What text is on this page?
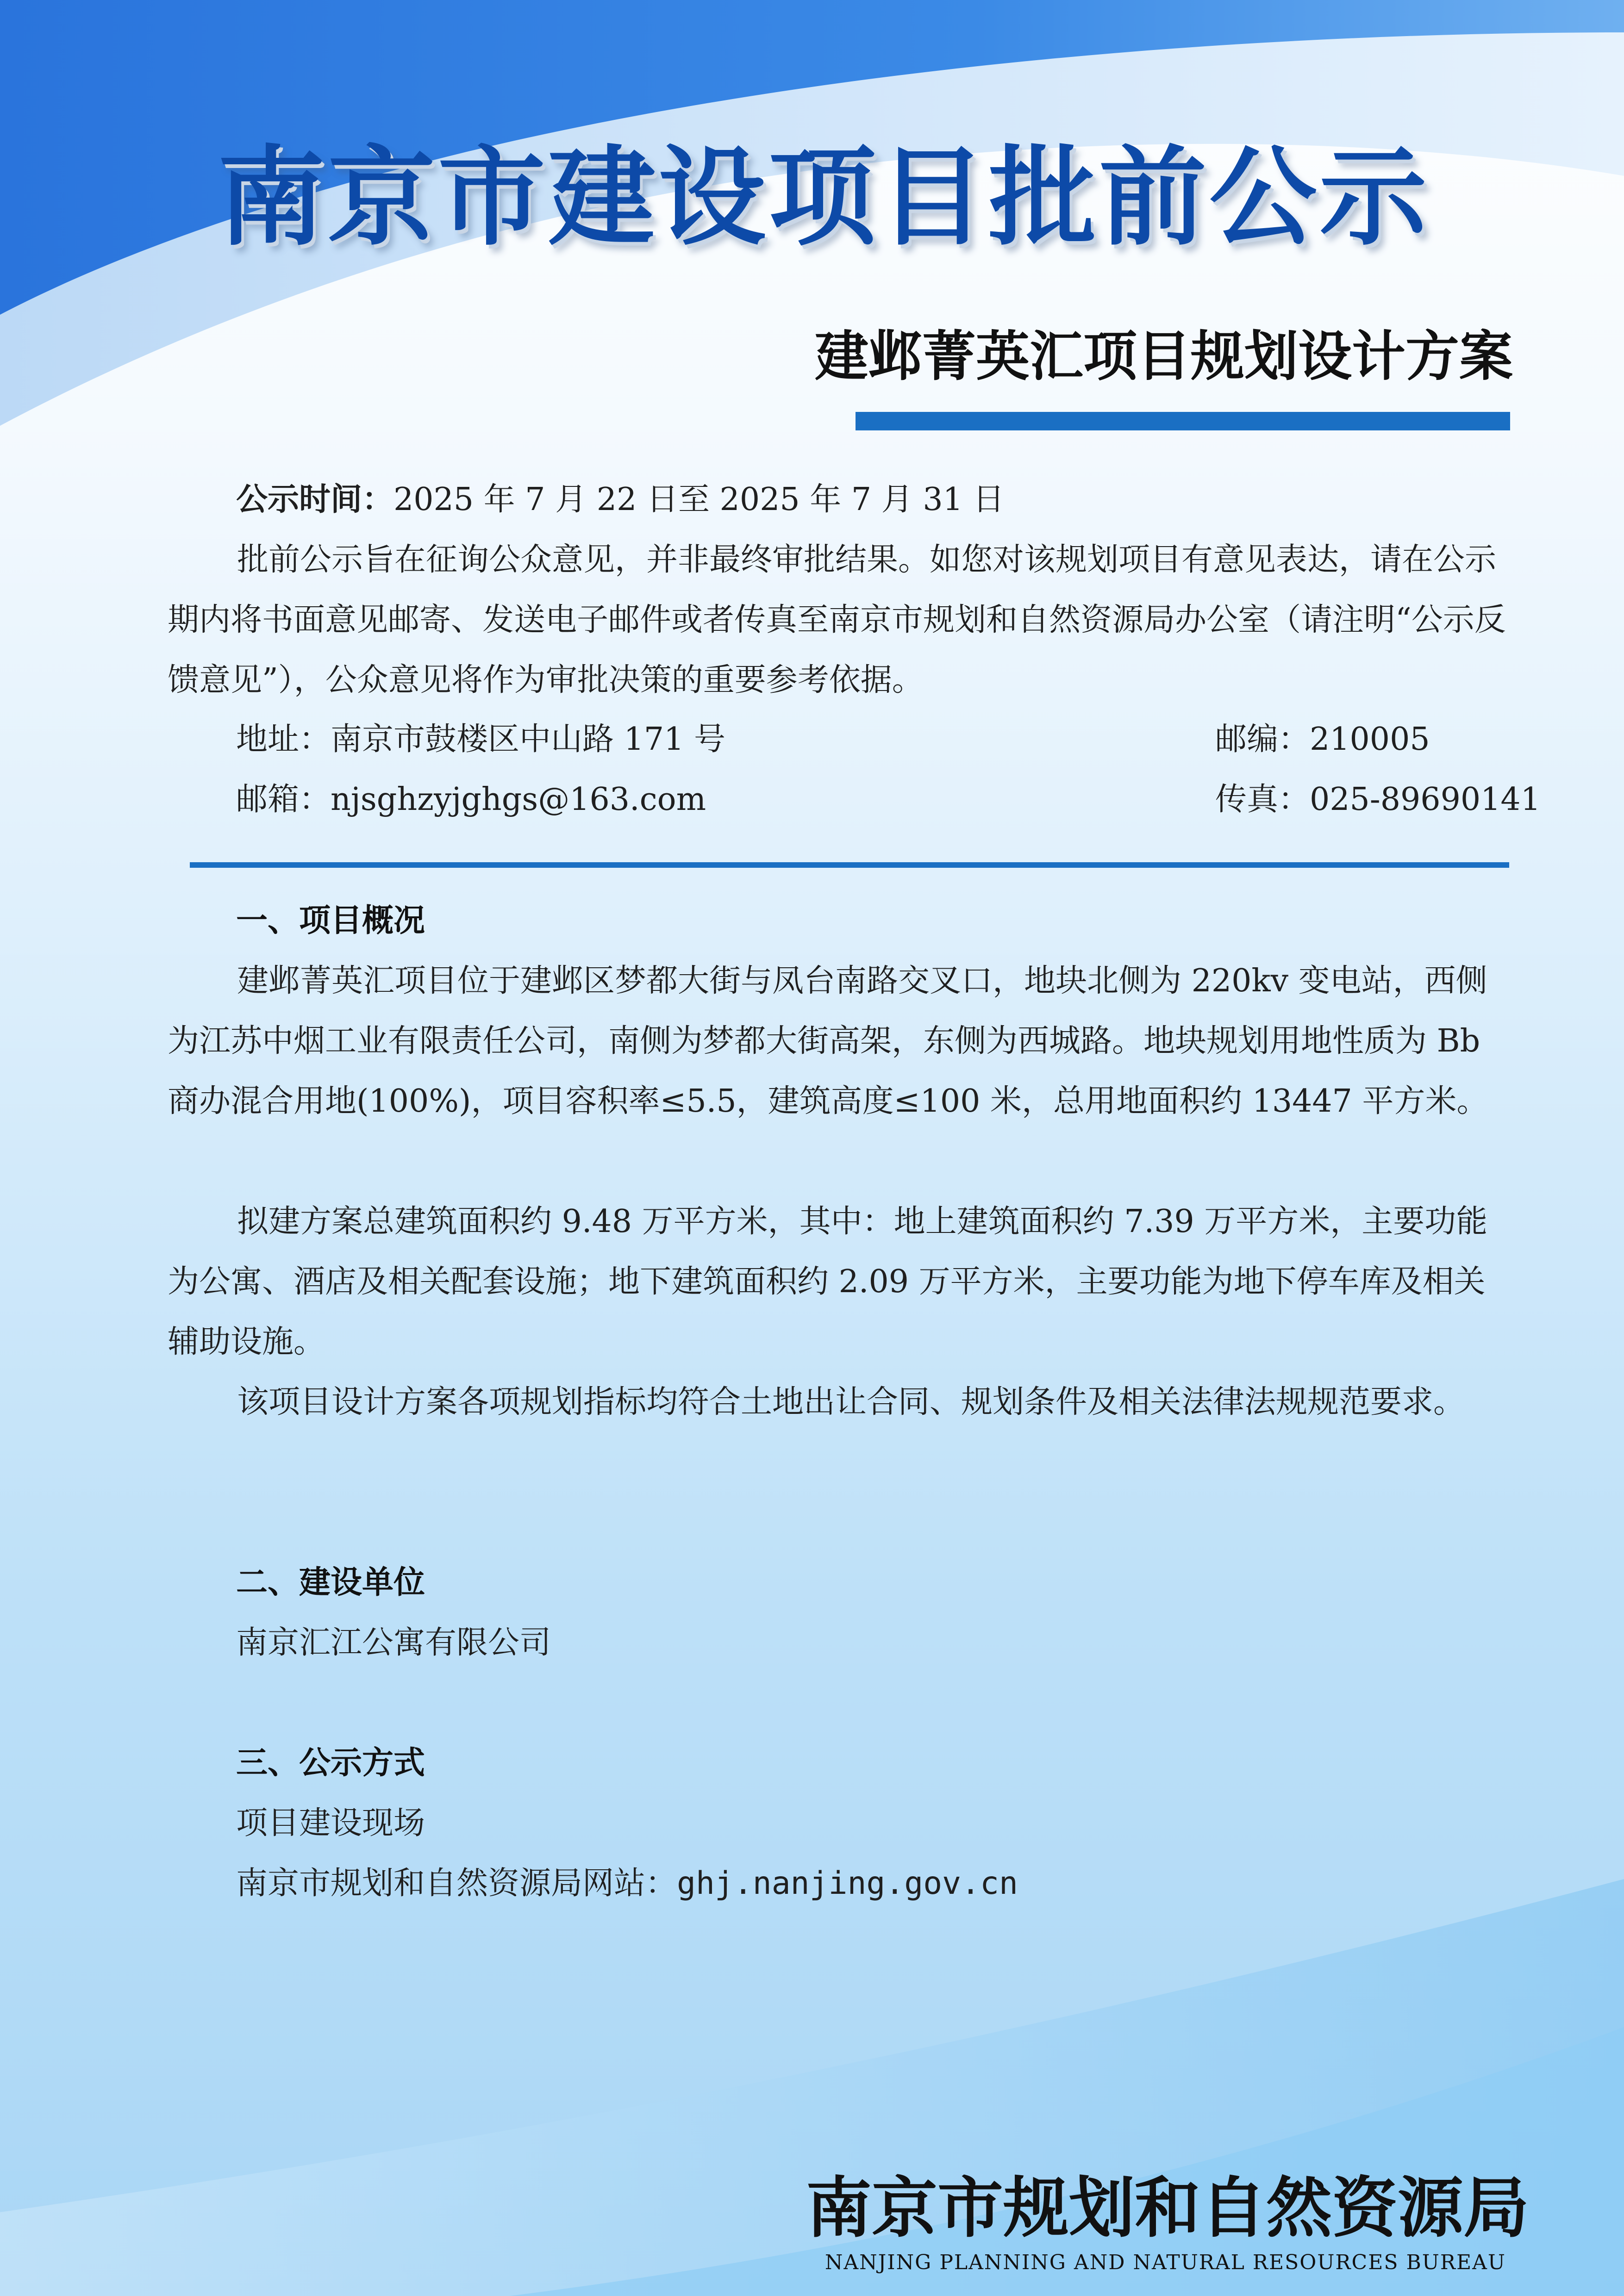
南京市建设项目批前公示
建邺菁英汇项目规划设计方案
公示时间：2025 年 7 月 22 日至 2025 年 7 月 31 日

批前公示旨在征询公众意见，并非最终审批结果。如您对该规划项目有意见表达，请在公示期内将书面意见邮寄、发送电子邮件或者传真至南京市规划和自然资源局办公室（请注明“公示反馈意见”），公众意见将作为审批决策的重要参考依据。

地址：南京市鼓楼区中山路 171 号	邮编：210005
邮箱：njsghzyjghgs@163.com	传真：025-89690141
一、项目概况

建邺菁英汇项目位于建邺区梦都大街与凤台南路交叉口，地块北侧为 220kv 变电站，西侧为江苏中烟工业有限责任公司，南侧为梦都大街高架，东侧为西城路。地块规划用地性质为 Bb 商办混合用地(100%)，项目容积率≤5.5，建筑高度≤100 米，总用地面积约 13447 平方米。

拟建方案总建筑面积约 9.48 万平方米，其中：地上建筑面积约 7.39 万平方米，主要功能为公寓、酒店及相关配套设施；地下建筑面积约 2.09 万平方米，主要功能为地下停车库及相关辅助设施。

该项目设计方案各项规划指标均符合土地出让合同、规划条件及相关法律法规规范要求。

二、建设单位

南京汇江公寓有限公司

三、公示方式

项目建设现场

南京市规划和自然资源局网站：ghj.nanjing.gov.cn

南京市规划和自然资源局

NANJING PLANNING AND NATURAL RESOURCES BUREAU
